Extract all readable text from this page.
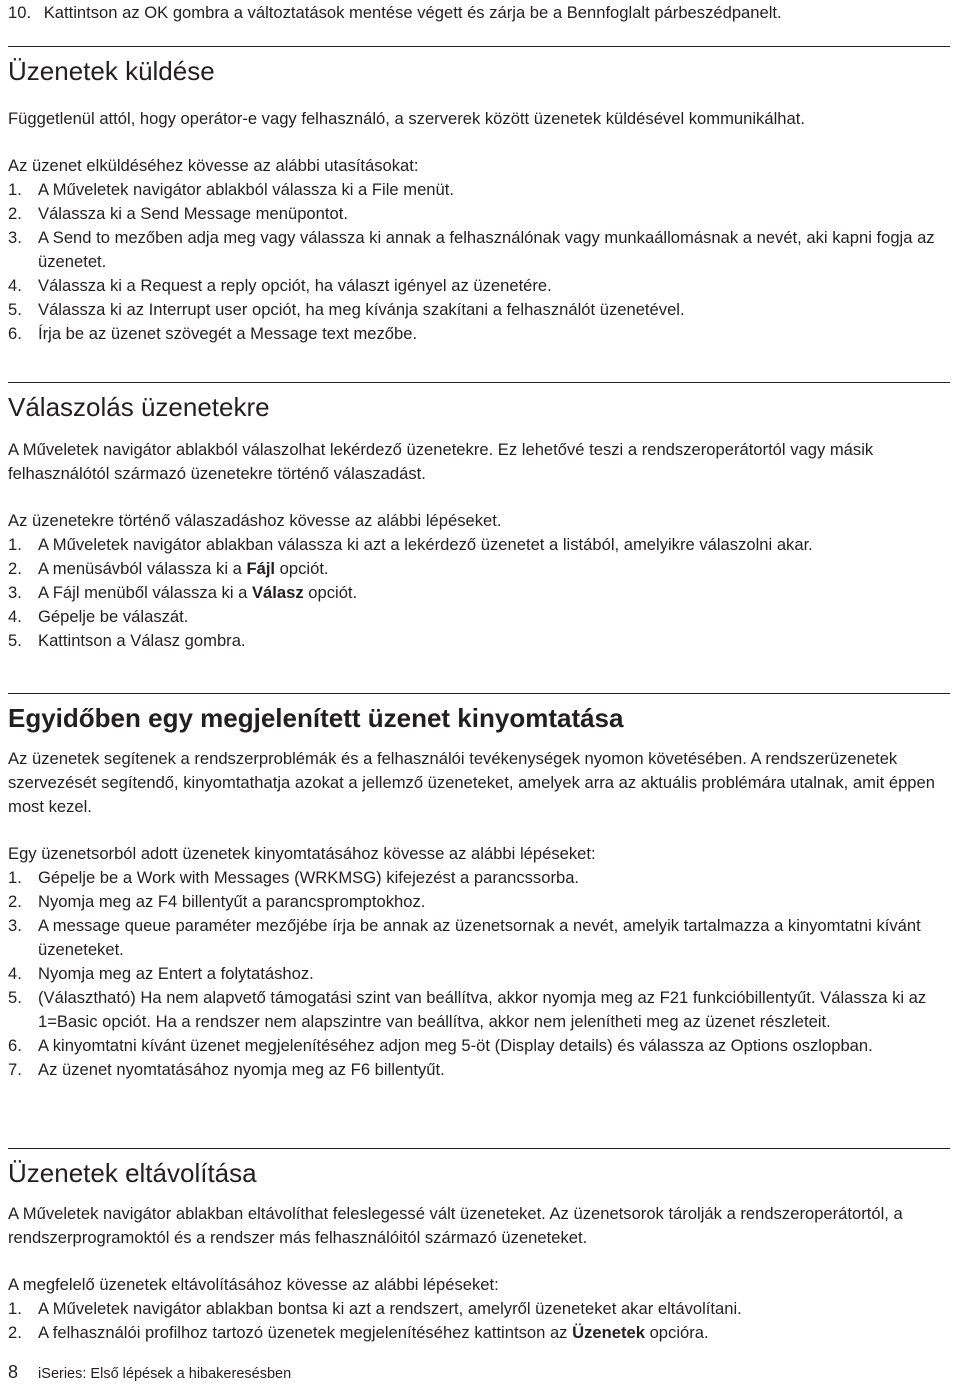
10. Kattintson az OK gombra a változtatások mentése végett és zárja be a Bennfoglalt párbeszédpanelt.
Üzenetek küldése

Függetlenül attól, hogy operátor-e vagy felhasználó, a szerverek között üzenetek küldésével kommunikálhat.

Az üzenet elküldéséhez kövesse az alábbi utasításokat:

1. A Műveletek navigátor ablakból válassza ki a File menüt.
2. Válassza ki a Send Message menüpontot.
3. A Send to mezőben adja meg vagy válassza ki annak a felhasználónak vagy munkaállomásnak a nevét, aki kapni fogja az üzenetet.
4. Válassza ki a Request a reply opciót, ha választ igényel az üzenetére.
5. Válassza ki az Interrupt user opciót, ha meg kívánja szakítani a felhasználót üzenetével.
6. Írja be az üzenet szövegét a Message text mezőbe.
Válaszolás üzenetekre

A Műveletek navigátor ablakból válaszolhat lekérdező üzenetekre. Ez lehetővé teszi a rendszeroperátortól vagy másik felhasználótól származó üzenetekre történő válaszadást.

Az üzenetekre történő válaszadáshoz kövesse az alábbi lépéseket.

1. A Műveletek navigátor ablakban válassza ki azt a lekérdező üzenetet a listából, amelyikre válaszolni akar.
2. A menüsávból válassza ki a Fájl opciót.
3. A Fájl menüből válassza ki a Válasz opciót.
4. Gépelje be válaszát.
5. Kattintson a Válasz gombra.
Egyidőben egy megjelenített üzenet kinyomtatása

Az üzenetek segítenek a rendszerproblémák és a felhasználói tevékenységek nyomon követésében. A rendszerüzenetek szervezését segítendő, kinyomtathatja azokat a jellemző üzeneteket, amelyek arra az aktuális problémára utalnak, amit éppen most kezel.

Egy üzenetsorból adott üzenetek kinyomtatásához kövesse az alábbi lépéseket:

1. Gépelje be a Work with Messages (WRKMSG) kifejezést a parancssorba.
2. Nyomja meg az F4 billentyűt a parancspromptokhoz.
3. A message queue paraméter mezőjébe írja be annak az üzenetsornak a nevét, amelyik tartalmazza a kinyomtatni kívánt üzeneteket.
4. Nyomja meg az Entert a folytatáshoz.
5. (Választható) Ha nem alapvető támogatási szint van beállítva, akkor nyomja meg az F21 funkcióbillentyűt. Válassza ki az 1=Basic opciót. Ha a rendszer nem alapszintre van beállítva, akkor nem jelenítheti meg az üzenet részleteit.
6. A kinyomtatni kívánt üzenet megjelenítéséhez adjon meg 5-öt (Display details) és válassza az Options oszlopban.
7. Az üzenet nyomtatásához nyomja meg az F6 billentyűt.
Üzenetek eltávolítása

A Műveletek navigátor ablakban eltávolíthat feleslegessé vált üzeneteket. Az üzenetsorok tárolják a rendszeroperátortól, a rendszerprogramoktól és a rendszer más felhasználóitól származó üzeneteket.

A megfelelő üzenetek eltávolításához kövesse az alábbi lépéseket:

1. A Műveletek navigátor ablakban bontsa ki azt a rendszert, amelyről üzeneteket akar eltávolítani.
2. A felhasználói profilhoz tartozó üzenetek megjelenítéséhez kattintson az Üzenetek opcióra.
8 iSeries: Első lépések a hibakeresésben
